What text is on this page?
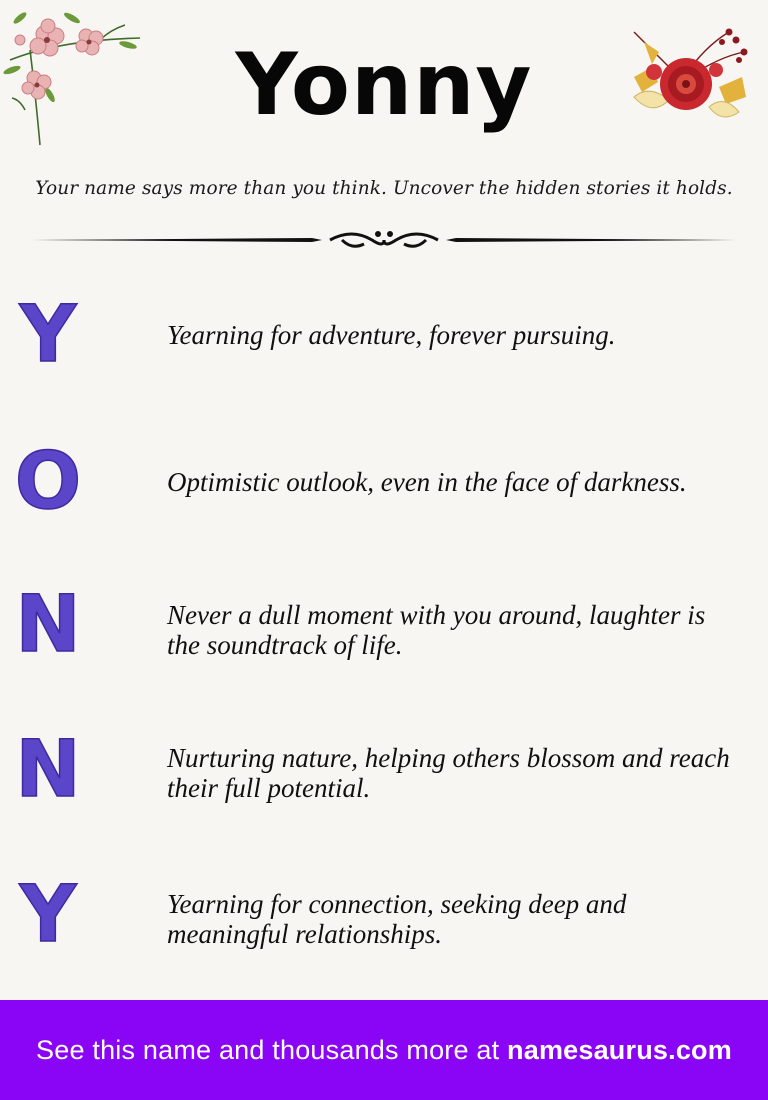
Yonny
Your name says more than you think. Uncover the hidden stories it holds.
Y	Yearning for adventure, forever pursuing.
O	Optimistic outlook, even in the face of darkness.
N	Never a dull moment with you around, laughter is the soundtrack of life.
N	Nurturing nature, helping others blossom and reach their full potential.
Y	Yearning for connection, seeking deep and meaningful relationships.
See this name and thousands more at namesaurus.com
